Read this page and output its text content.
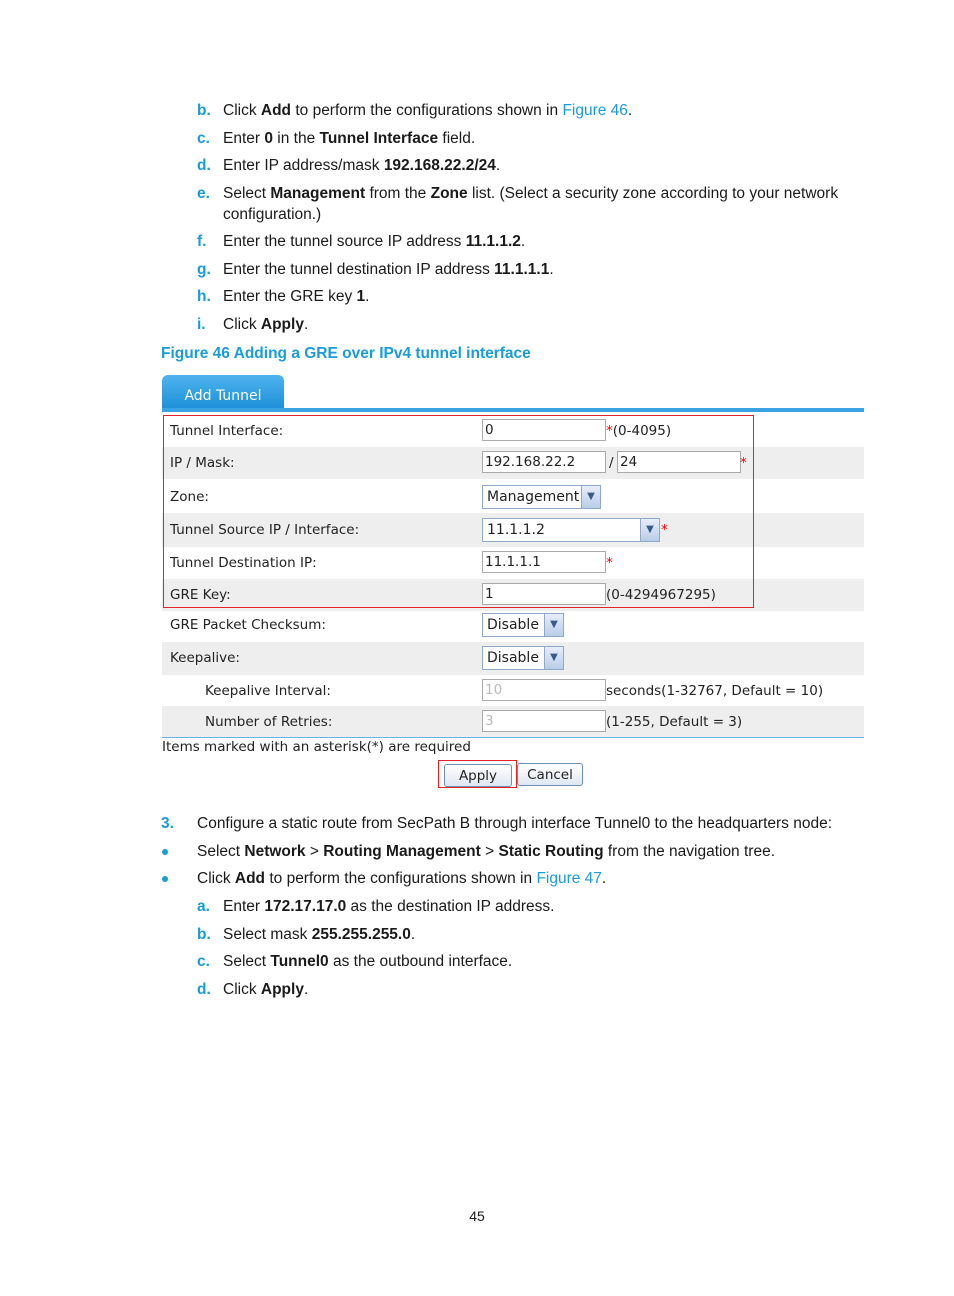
b. Click Add to perform the configurations shown in Figure 46.
c. Enter 0 in the Tunnel Interface field.
d. Enter IP address/mask 192.168.22.2/24.
e. Select Management from the Zone list. (Select a security zone according to your network configuration.)
f. Enter the tunnel source IP address 11.1.1.2.
g. Enter the tunnel destination IP address 11.1.1.1.
h. Enter the GRE key 1.
i. Click Apply.
Figure 46 Adding a GRE over IPv4 tunnel interface
Add Tunnel
Tunnel Interface:	0	*(0-4095)
IP / Mask:	192.168.22.2	/ 24	*
Zone:	Management ▼
Tunnel Source IP / Interface:	11.1.1.2	▼ *
Tunnel Destination IP:	11.1.1.1	*
GRE Key:	1	(0-4294967295)
GRE Packet Checksum:	Disable	▼
Keepalive:	Disable	▼
Keepalive Interval:	10	seconds(1-32767, Default = 10)
Number of Retries:	3	(1-255, Default = 3)
Items marked with an asterisk(*) are required
Apply	Cancel
3. Configure a static route from SecPath B through interface Tunnel0 to the headquarters node:
Select Network > Routing Management > Static Routing from the navigation tree.
Click Add to perform the configurations shown in Figure 47.
a. Enter 172.17.17.0 as the destination IP address.
b. Select mask 255.255.255.0.
c. Select Tunnel0 as the outbound interface.
d. Click Apply.
45
